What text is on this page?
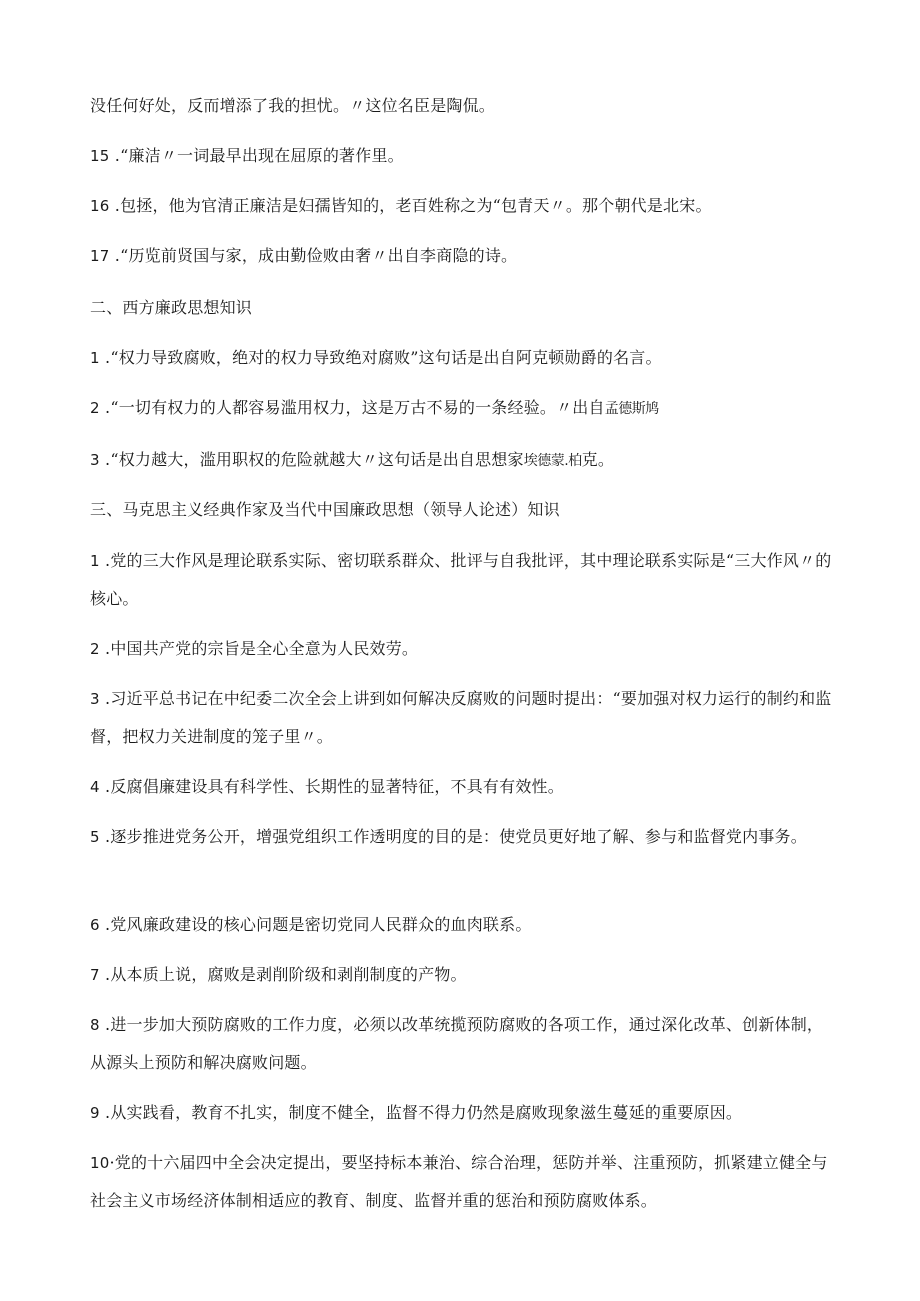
没任何好处，反而增添了我的担忧。〃这位名臣是陶侃。
15 .“廉洁〃一词最早出现在屈原的著作里。
16 .包拯，他为官清正廉洁是妇孺皆知的，老百姓称之为“包青天〃。那个朝代是北宋。
17 .“历览前贤国与家，成由勤俭败由奢〃出自李商隐的诗。
二、西方廉政思想知识
1 .“权力导致腐败，绝对的权力导致绝对腐败”这句话是出自阿克顿勋爵的名言。
2 .“一切有权力的人都容易滥用权力，这是万古不易的一条经验。〃出自孟德斯鸠
3 .“权力越大，滥用职权的危险就越大〃这句话是出自思想家埃德蒙.柏克。
三、马克思主义经典作家及当代中国廉政思想（领导人论述）知识
1 .党的三大作风是理论联系实际、密切联系群众、批评与自我批评，其中理论联系实际是“三大作风〃的核心。
2 .中国共产党的宗旨是全心全意为人民效劳。
3 .习近平总书记在中纪委二次全会上讲到如何解决反腐败的问题时提出：“要加强对权力运行的制约和监督，把权力关进制度的笼子里〃。
4 .反腐倡廉建设具有科学性、长期性的显著特征，不具有有效性。
5 .逐步推进党务公开，增强党组织工作透明度的目的是：使党员更好地了解、参与和监督党内事务。
6 .党风廉政建设的核心问题是密切党同人民群众的血肉联系。
7 .从本质上说，腐败是剥削阶级和剥削制度的产物。
8 .进一步加大预防腐败的工作力度，必须以改革统揽预防腐败的各项工作，通过深化改革、创新体制，从源头上预防和解决腐败问题。
9 .从实践看，教育不扎实，制度不健全，监督不得力仍然是腐败现象滋生蔓延的重要原因。
10·党的十六届四中全会决定提出，要坚持标本兼治、综合治理，惩防并举、注重预防，抓紧建立健全与社会主义市场经济体制相适应的教育、制度、监督并重的惩治和预防腐败体系。
